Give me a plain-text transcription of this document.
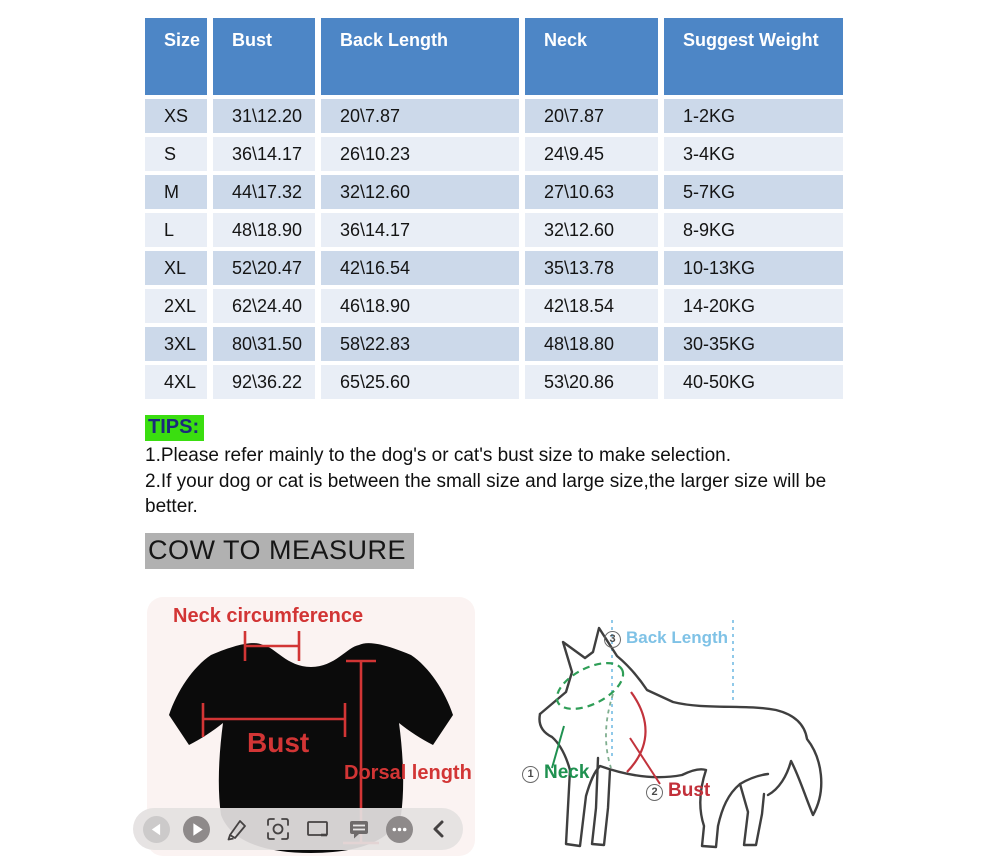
Size	Bust	Back Length	Neck	Suggest Weight
XS	31\12.20	20\7.87	20\7.87	1-2KG
S	36\14.17	26\10.23	24\9.45	3-4KG
M	44\17.32	32\12.60	27\10.63	5-7KG
L	48\18.90	36\14.17	32\12.60	8-9KG
XL	52\20.47	42\16.54	35\13.78	10-13KG
2XL	62\24.40	46\18.90	42\18.54	14-20KG
3XL	80\31.50	58\22.83	48\18.80	30-35KG
4XL	92\36.22	65\25.60	53\20.86	40-50KG
TIPS:
1.Please refer mainly to the dog's or cat's bust size to make selection.
2.If your dog or cat is between the small size and large size,the larger size will be better.
COW TO MEASURE
Neck circumference
Bust
Dorsal length
3 Back Length
1 Neck
2 Bust
